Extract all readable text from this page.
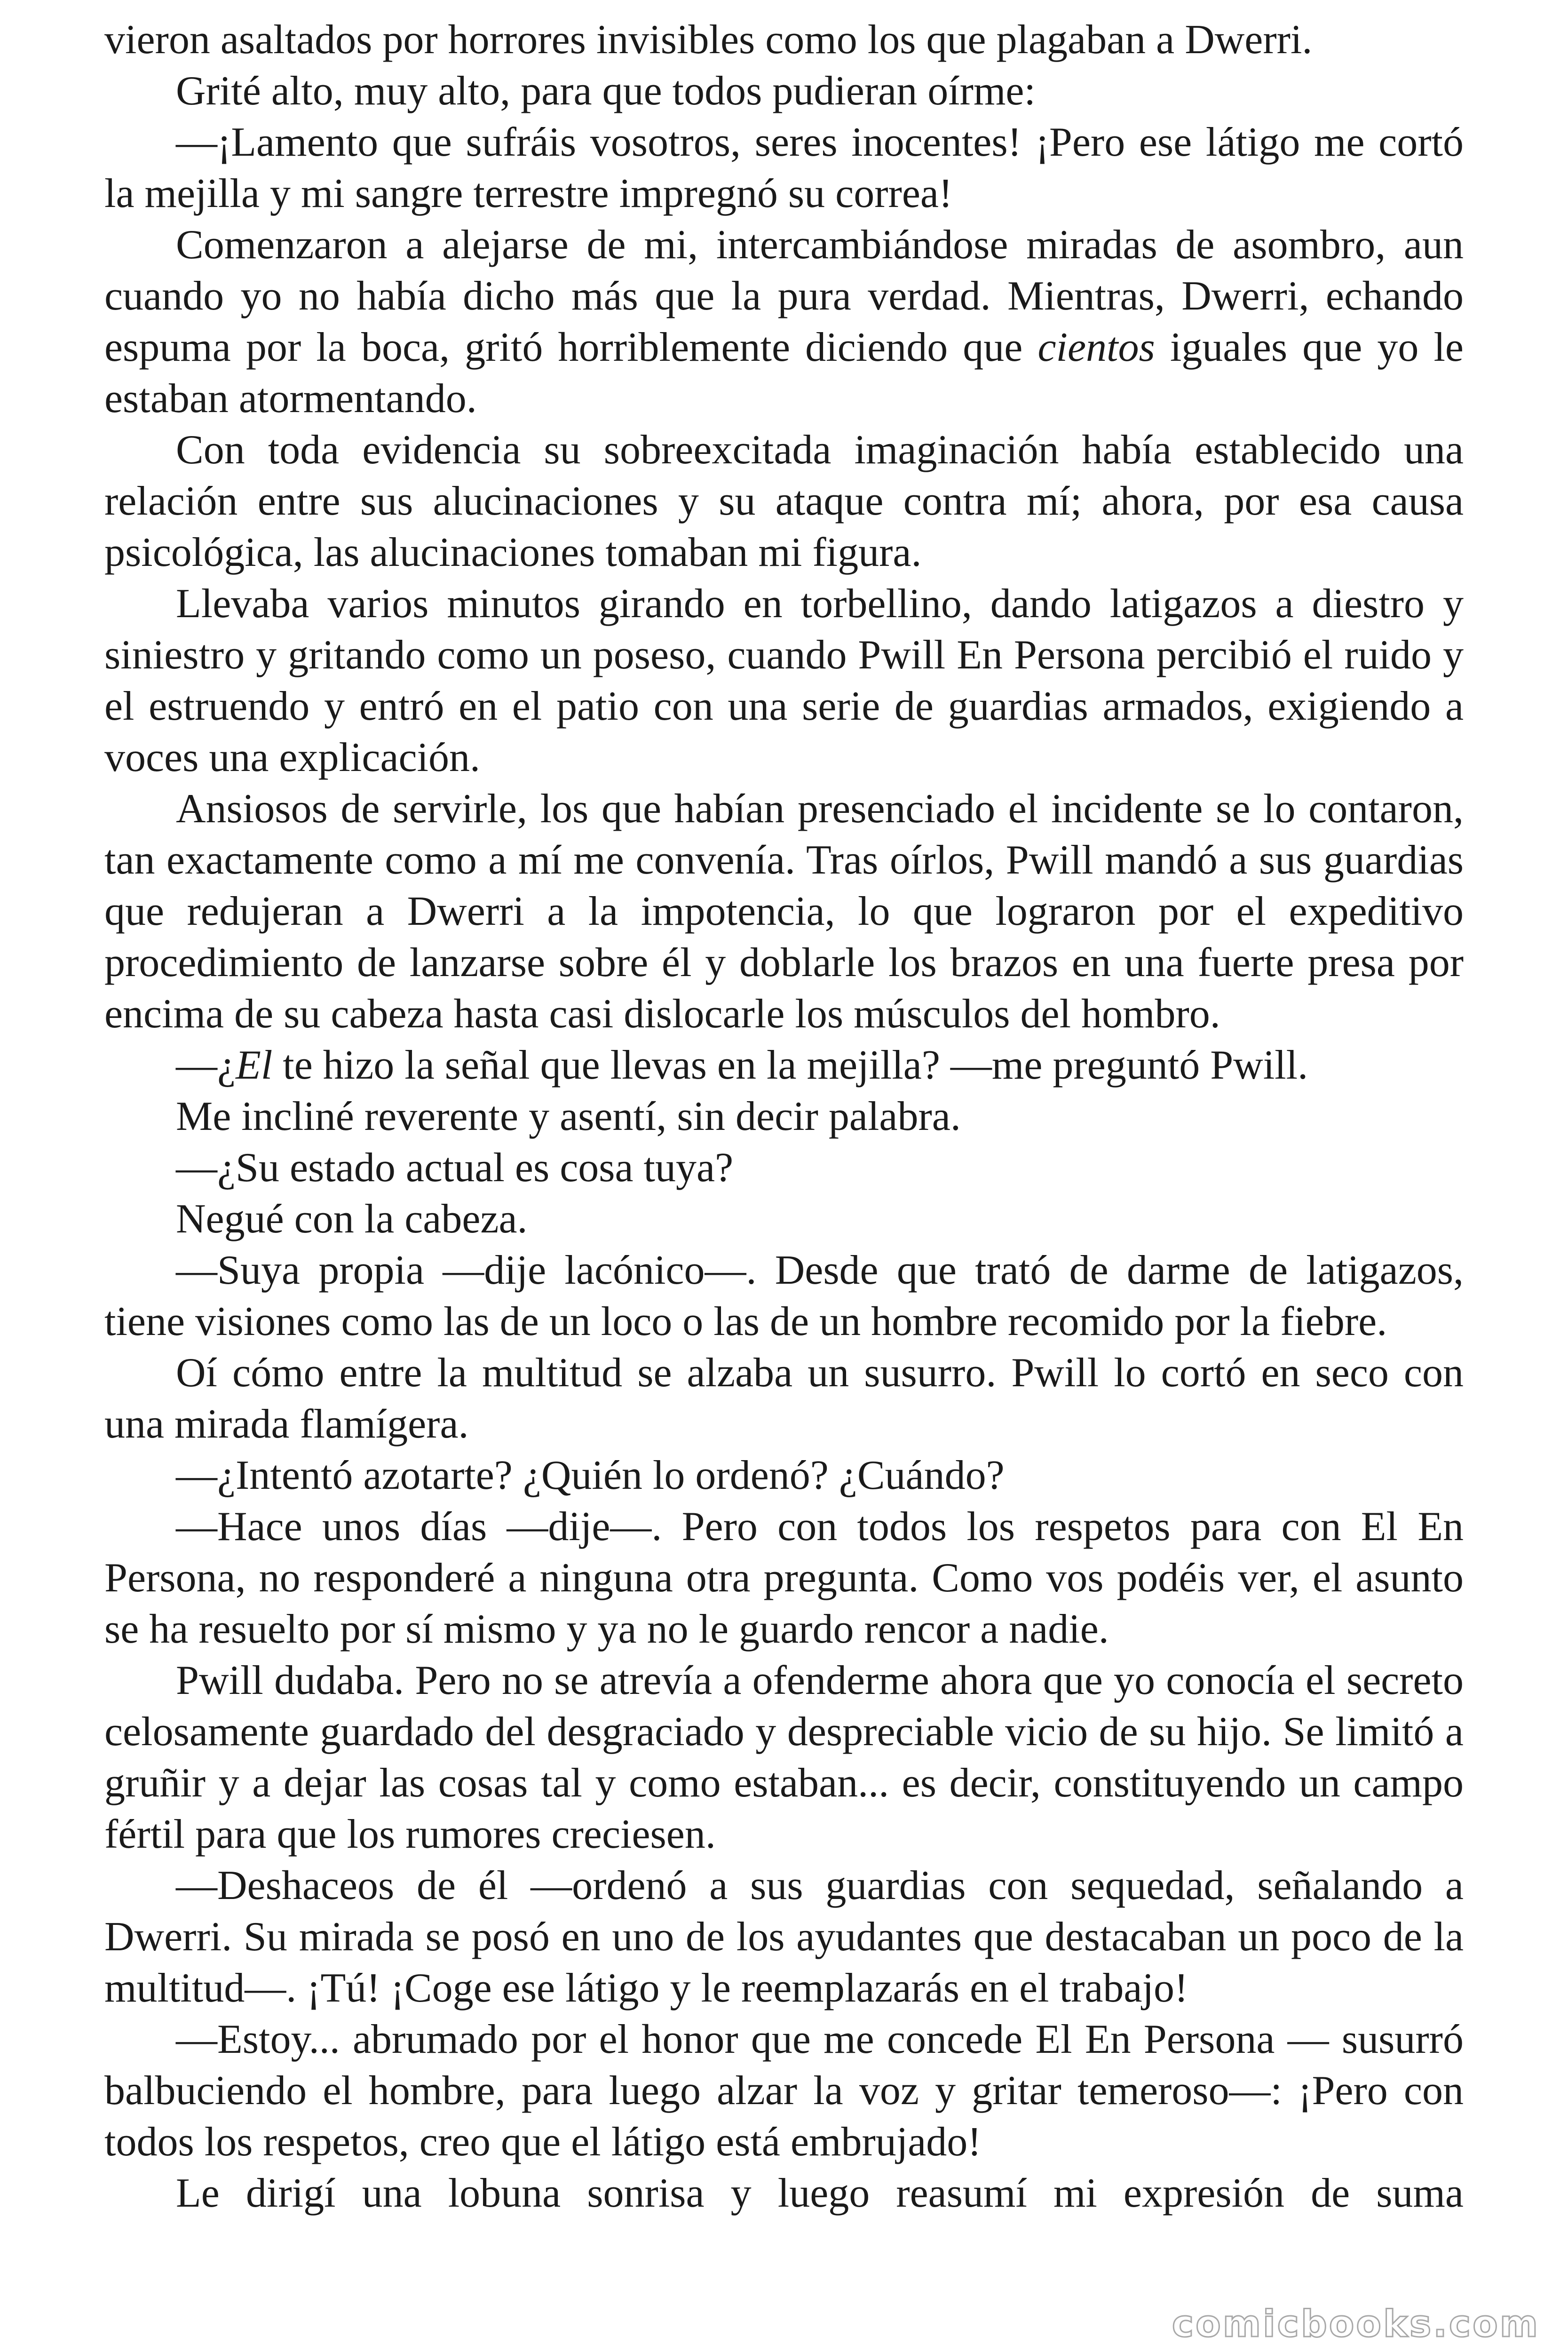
vieron asaltados por horrores invisibles como los que plagaban a Dwerri.

Grité alto, muy alto, para que todos pudieran oírme:

—¡Lamento que sufráis vosotros, seres inocentes! ¡Pero ese látigo me cortó la mejilla y mi sangre terrestre impregnó su correa!

Comenzaron a alejarse de mi, intercambiándose miradas de asombro, aun cuando yo no había dicho más que la pura verdad. Mientras, Dwerri, echando espuma por la boca, gritó horriblemente diciendo que cientos iguales que yo le estaban atormentando.

Con toda evidencia su sobreexcitada imaginación había establecido una relación entre sus alucinaciones y su ataque contra mí; ahora, por esa causa psicológica, las alucinaciones tomaban mi figura.

Llevaba varios minutos girando en torbellino, dando latigazos a diestro y siniestro y gritando como un poseso, cuando Pwill En Persona percibió el ruido y el estruendo y entró en el patio con una serie de guardias armados, exigiendo a voces una explicación.

Ansiosos de servirle, los que habían presenciado el incidente se lo contaron, tan exactamente como a mí me convenía. Tras oírlos, Pwill mandó a sus guardias que redujeran a Dwerri a la impotencia, lo que lograron por el expeditivo procedimiento de lanzarse sobre él y doblarle los brazos en una fuerte presa por encima de su cabeza hasta casi dislocarle los músculos del hombro.

—¿El te hizo la señal que llevas en la mejilla? —me preguntó Pwill.

Me incliné reverente y asentí, sin decir palabra.

—¿Su estado actual es cosa tuya?

Negué con la cabeza.

—Suya propia —dije lacónico—. Desde que trató de darme de latigazos, tiene visiones como las de un loco o las de un hombre recomido por la fiebre.

Oí cómo entre la multitud se alzaba un susurro. Pwill lo cortó en seco con una mirada flamígera.

—¿Intentó azotarte? ¿Quién lo ordenó? ¿Cuándo?

—Hace unos días —dije—. Pero con todos los respetos para con El En Persona, no responderé a ninguna otra pregunta. Como vos podéis ver, el asunto se ha resuelto por sí mismo y ya no le guardo rencor a nadie.

Pwill dudaba. Pero no se atrevía a ofenderme ahora que yo conocía el secreto celosamente guardado del desgraciado y despreciable vicio de su hijo. Se limitó a gruñir y a dejar las cosas tal y como estaban... es decir, constituyendo un campo fértil para que los rumores creciesen.

—Deshaceos de él —ordenó a sus guardias con sequedad, señalando a Dwerri. Su mirada se posó en uno de los ayudantes que destacaban un poco de la multitud—. ¡Tú! ¡Coge ese látigo y le reemplazarás en el trabajo!

—Estoy... abrumado por el honor que me concede El En Persona — susurró balbuciendo el hombre, para luego alzar la voz y gritar temeroso—: ¡Pero con todos los respetos, creo que el látigo está embrujado!

Le dirigí una lobuna sonrisa y luego reasumí mi expresión de suma

comicbooks.com
